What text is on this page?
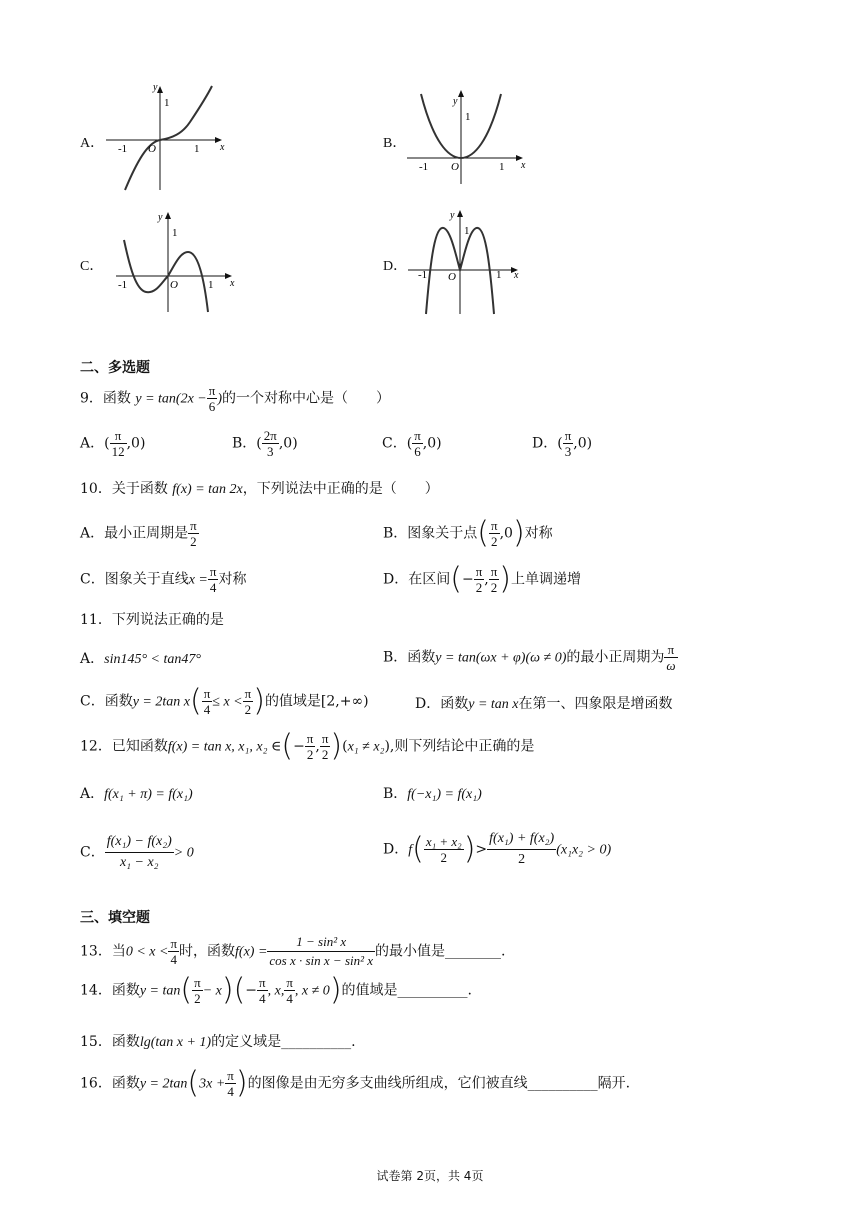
A．
y
1
x
-1	1
O	B．
y
1
x
-1	1
O
C．
y
1
x
-1	1
O
D．
y
1
x
-1	1
O
二、多选题
9．函数 $y = \tan(2x - \frac{\pi}{6}$ )的一个对称中心是（　　）
A．( $\frac{\pi}{12} ,0$)	B．( $\frac{2\pi}{3} ,0$)	C．( $\frac{\pi}{6} ,0$)	D．( $\frac{\pi}{3} ,0$)
10．关于函数 f(x) = tan 2x，下列说法中正确的是（　　）
A．最小正周期是 $\frac{\pi}{2}$	B．图象关于点( $\frac{\pi}{2} ,0$)对称
C．图象关于直线$x = \frac{\pi}{4}$ 对称	D．在区间(− $\frac{\pi}{2}$ , $\frac{\pi}{2}$ )上单调递增
11．下列说法正确的是
A．sin145° < tan47°	B．函数y = tan(ωx + φ)(ω ≠ 0)的最小正周期为 $\frac{\pi}{\omega}$
C．函数y = 2tan $x( \frac{\pi}{4} \le x < \frac{\pi}{2}$ )的值域是[2,+∞)	D．函数y = tan x在第一、四象限是增函数
12．已知函数f(x) = tan x, x₁, x₂ ∈(− $\frac{\pi}{2}$ , $\frac{\pi}{2} )(x_1 \ne x_2)$,则下列结论中正确的是
A．f(x₁ + π) = f(x₁)	B．f(−x₁) = f(x₁)
C． $\frac{\text{f(x₁) − f(x₂)}}{\text{x₁ − x₂}} > 0$	D．$f( \frac{\text{x₁ + x₂}}{2}$ )> $\frac{\text{f(x₁) + f(x₂)}}{2} (x_1x_2 > 0)$
三、填空题
13．当$0 < x < \frac{\pi}{4}$ 时，函数$f(x) = \frac{\text{1 − sin² x}}{\text{cos x · sin x − sin² x}}$ 的最小值是________.
14．函数$y = \tan( \frac{\pi}{2} - x)(- \frac{\pi}{4}$ , x, $\frac{\pi}{4}$ , x ≠ 0)的值域是__________.
15．函数lg(tan x + 1)的定义域是__________.
16．函数$y = 2\tan(3x + \frac{\pi}{4}$ )的图像是由无穷多支曲线所组成，它们被直线__________隔开.
试卷第 2页，共 4页
